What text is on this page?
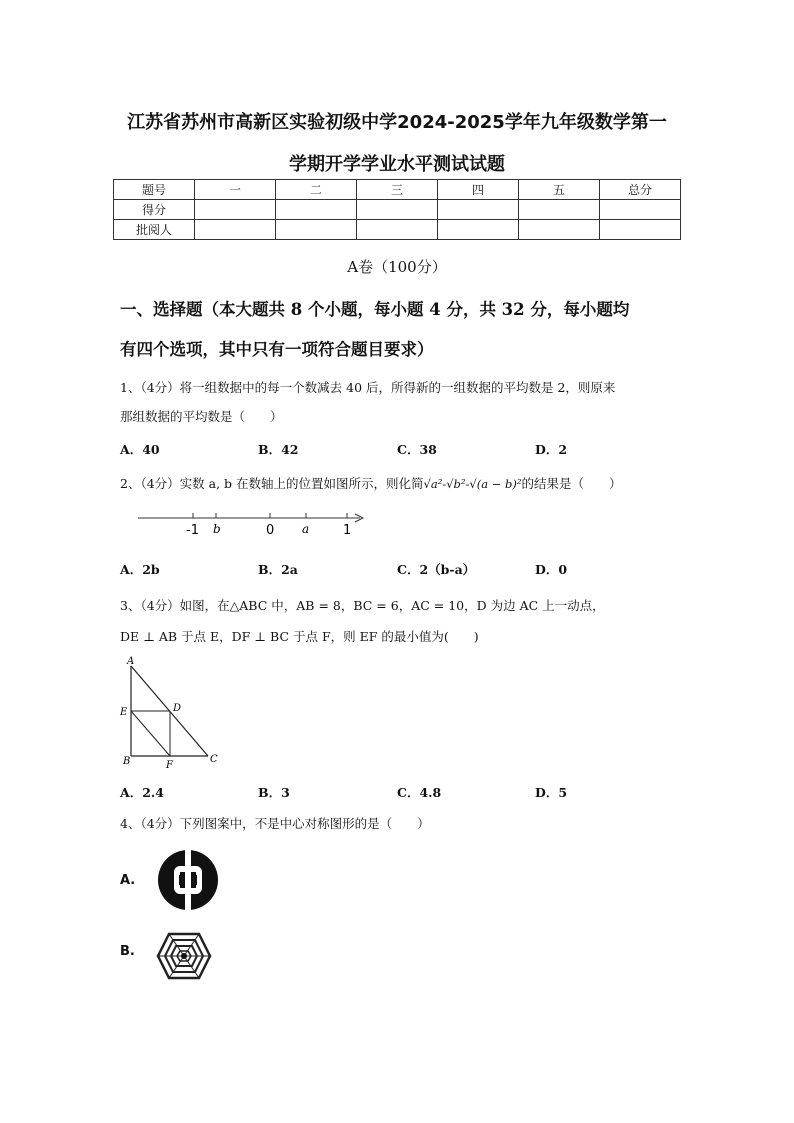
江苏省苏州市高新区实验初级中学2024-2025学年九年级数学第一
学期开学学业水平测试试题
题号	一	二	三	四	五	总分
得分						
批阅人						
A卷（100分）
一、选择题（本大题共 8 个小题，每小题 4 分，共 32 分，每小题均
有四个选项，其中只有一项符合题目要求）
1、（4分）将一组数据中的每一个数减去 40 后，所得新的一组数据的平均数是 2，则原来
那组数据的平均数是（　　）
A．40	B．42	C．38	D．2
2、（4分）实数 a, b 在数轴上的位置如图所示，则化简√a²-√b²-√(a − b)²的结果是（　　）
-1 b	0 a	1
A．2b	B．2a	C．2（b-a）	D．0
3、（4分）如图，在△ABC 中，AB = 8，BC = 6，AC = 10，D 为边 AC 上一动点，
DE ⊥ AB 于点 E，DF ⊥ BC 于点 F，则 EF 的最小值为(　　)
A
E	D
B	F
C
A．2.4	B．3	C．4.8	D．5
4、（4分）下列图案中，不是中心对称图形的是（　　）
A.
B.
